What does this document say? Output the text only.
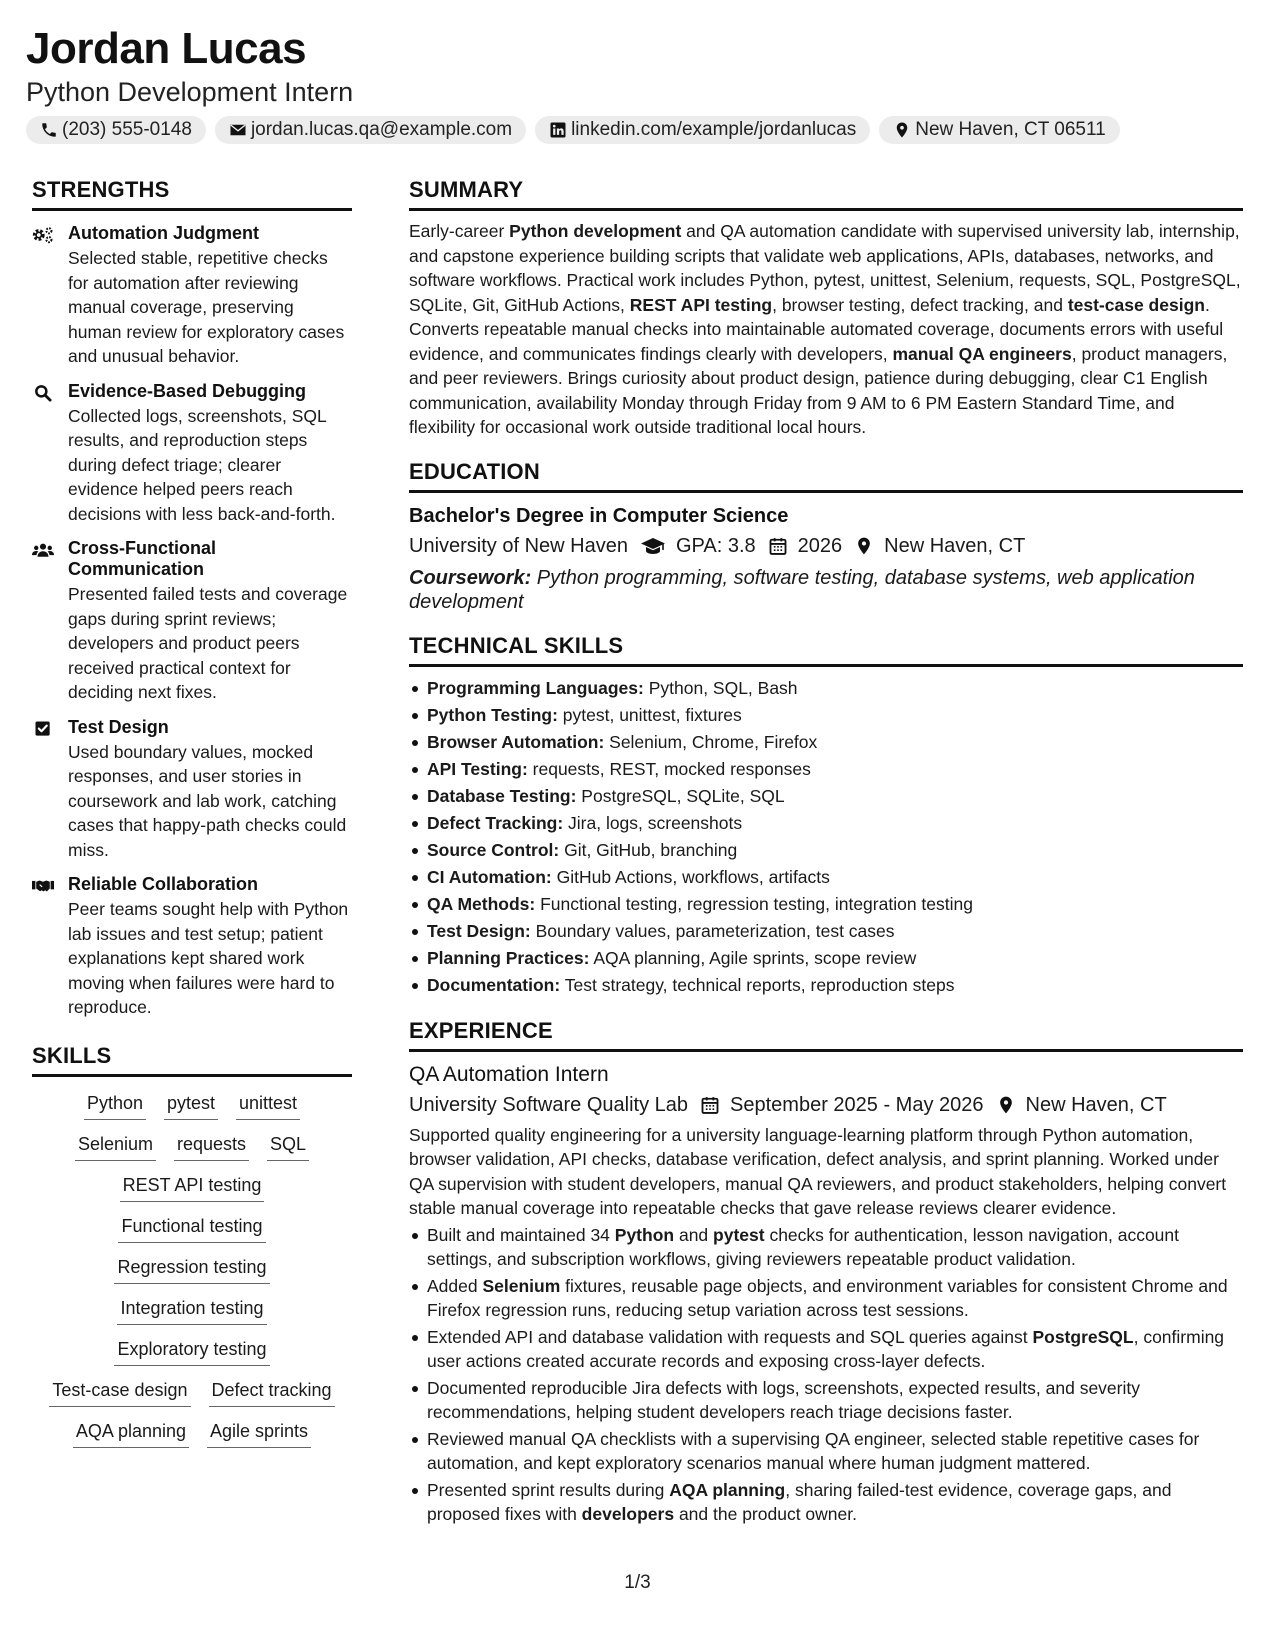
Jordan Lucas
Python Development Intern
(203) 555-0148	jordan.lucas.qa@example.com	linkedin.com/example/jordanlucas	New Haven, CT 06511
STRENGTHS
Automation Judgment
Selected stable, repetitive checks for automation after reviewing manual coverage, preserving human review for exploratory cases and unusual behavior.
Evidence-Based Debugging
Collected logs, screenshots, SQL results, and reproduction steps during defect triage; clearer evidence helped peers reach decisions with less back-and-forth.
Cross-Functional Communication
Presented failed tests and coverage gaps during sprint reviews; developers and product peers received practical context for deciding next fixes.
Test Design
Used boundary values, mocked responses, and user stories in coursework and lab work, catching cases that happy-path checks could miss.
Reliable Collaboration
Peer teams sought help with Python lab issues and test setup; patient explanations kept shared work moving when failures were hard to reproduce.
SKILLS
Python pytest unittest
Selenium requests SQL
REST API testing
Functional testing
Regression testing
Integration testing
Exploratory testing
Test-case design Defect tracking
AQA planning Agile sprints
SUMMARY
Early-career Python development and QA automation candidate with supervised university lab, internship, and capstone experience building scripts that validate web applications, APIs, databases, networks, and software workflows. Practical work includes Python, pytest, unittest, Selenium, requests, SQL, PostgreSQL, SQLite, Git, GitHub Actions, REST API testing, browser testing, defect tracking, and test-case design. Converts repeatable manual checks into maintainable automated coverage, documents errors with useful evidence, and communicates findings clearly with developers, manual QA engineers, product managers, and peer reviewers. Brings curiosity about product design, patience during debugging, clear C1 English communication, availability Monday through Friday from 9 AM to 6 PM Eastern Standard Time, and flexibility for occasional work outside traditional local hours.
EDUCATION
Bachelor's Degree in Computer Science
University of New Haven GPA: 3.8 2026 New Haven, CT
Coursework: Python programming, software testing, database systems, web application development
TECHNICAL SKILLS
Programming Languages: Python, SQL, Bash
Python Testing: pytest, unittest, fixtures
Browser Automation: Selenium, Chrome, Firefox
API Testing: requests, REST, mocked responses
Database Testing: PostgreSQL, SQLite, SQL
Defect Tracking: Jira, logs, screenshots
Source Control: Git, GitHub, branching
CI Automation: GitHub Actions, workflows, artifacts
QA Methods: Functional testing, regression testing, integration testing
Test Design: Boundary values, parameterization, test cases
Planning Practices: AQA planning, Agile sprints, scope review
Documentation: Test strategy, technical reports, reproduction steps
EXPERIENCE
QA Automation Intern
University Software Quality Lab September 2025 - May 2026 New Haven, CT
Supported quality engineering for a university language-learning platform through Python automation, browser validation, API checks, database verification, defect analysis, and sprint planning. Worked under QA supervision with student developers, manual QA reviewers, and product stakeholders, helping convert stable manual coverage into repeatable checks that gave release reviews clearer evidence.
Built and maintained 34 Python and pytest checks for authentication, lesson navigation, account settings, and subscription workflows, giving reviewers repeatable product validation.
Added Selenium fixtures, reusable page objects, and environment variables for consistent Chrome and Firefox regression runs, reducing setup variation across test sessions.
Extended API and database validation with requests and SQL queries against PostgreSQL, confirming user actions created accurate records and exposing cross-layer defects.
Documented reproducible Jira defects with logs, screenshots, expected results, and severity recommendations, helping student developers reach triage decisions faster.
Reviewed manual QA checklists with a supervising QA engineer, selected stable repetitive cases for automation, and kept exploratory scenarios manual where human judgment mattered.
Presented sprint results during AQA planning, sharing failed-test evidence, coverage gaps, and proposed fixes with developers and the product owner.
1/3
